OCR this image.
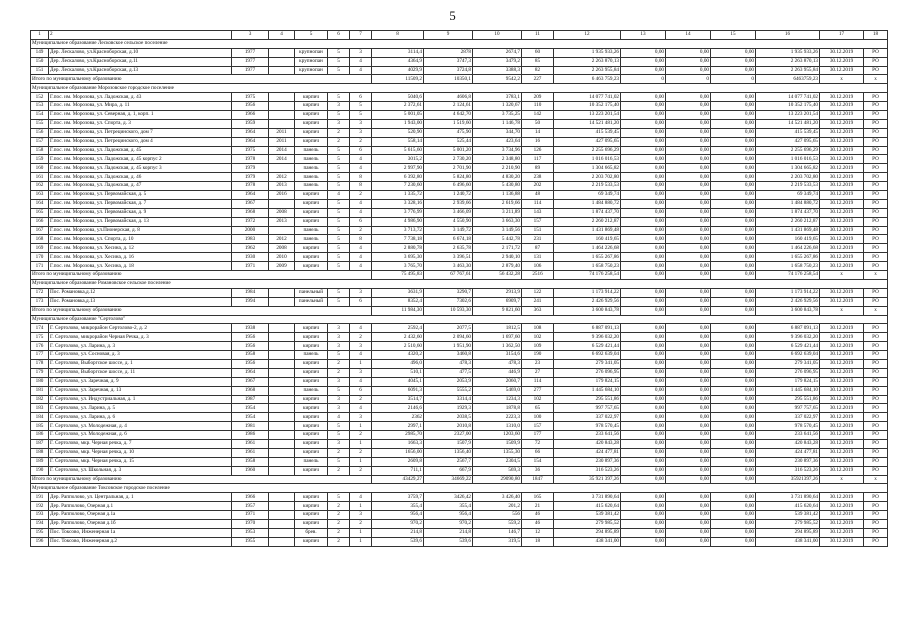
5
1	2	3	4	5	6	7	8	9	10	11	12	13	14	15	16	17	18
Муниципальное образование Лесковское сельское поселение																	
149	Дер. Лескалово, ул.Красноборская, д.10	1977		крупнопан	5	3	3114,4	2878	2674,7	60	1 935 933,26	0,00	0,00	0,00	1 935 933,26	30.12.2019	РО
150	Дер. Лескалово, ул.Красноборская, д.11	1977		крупнопан	5	4	4364,9	3747,3	3479,2	85	2 263 870,13	0,00	0,00	0,00	2 263 870,13	30.12.2019	РО
151	Дер. Лескалово, ул.Красноборская, д.13	1977		крупнопан	5	4	4029,9	3724,8	3388,3	82	2 263 955,84	0,00	0,00	0,00	2 263 955,84	30.12.2019	РО
Итого по муниципальному образованию							11509,2	10350,1	9542,2	227	6 463 759,23	0	0	0	6463759,23	х	х
Муниципальное образование Морозовское городское поселение																	
152	Г.пос. им. Морозова, ул. Ладожская, д. 43	1975		кирпич	5	6	5040,6	4606,8	3783,1	209	14 077 741,02	0,00	0,00	0,00	14 077 741,02	30.12.2019	РО
153	Г.пос. им. Морозова, ул. Мира, д. 11	1956		кирпич	3	5	2 372,61	2 124,61	1 320,67	110	10 352 175,40	0,00	0,00	0,00	10 352 175,40	30.12.2019	РО
154	Г.пос. им. Морозова, ул. Северная, д. 1, корп. 1	1966		кирпич	5	5	5 001,05	4 642,70	3 735,25	142	13 223 201,54	0,00	0,00	0,00	13 223 201,54	30.12.2019	РО
155	Г.пос. им. Морозова, ул. Спорта, д. 3	1959		кирпич	3	3	1 943,00	1 519,60	1 146,78	50	14 521 481,20	0,00	0,00	0,00	14 521 481,20	30.12.2019	РО
156	Г.пос. им. Морозова, ул. Петрецинского, дом 7	1964	2011	кирпич	2	3	520,90	475,90	344,70	14	415 539,45	0,00	0,00	0,00	415 539,45	30.12.2019	РО
157	Г.пос. им. Морозова, ул. Петрецинского, дом 4	1964	2011	кирпич	2	2	558,14	525,44	423,64	16	427 095,65	0,00	0,00	0,00	427 095,65	30.12.2019	РО
158	Г.пос. им. Морозова, ул. Ладожская, д. 45	1975	2014	панель	5	6	5 615,60	5 001,20	3 734,96	126	2 255 696,29	0,00	0,00	0,00	2 255 696,29	30.12.2019	РО
159	Г.пос. им. Морозова, ул. Ладожская, д. 45 корпус 2	1978	2014	панель	5	4	3015,2	2 730,20	2 348,80	117	1 016 016,53	0,00	0,00	0,00	1 016 016,53	30.12.2019	РО
160	Г.пос. им. Морозова, ул. Ладожская, д. 45 корпус 3	1979		панель	5	4	2 997,90	2 701,90	2 210,90	89	1 304 665,82	0,00	0,00	0,00	1 304 665,82	30.12.2019	РО
161	Г.пос. им. Морозова, ул. Ладожская, д. 46	1979	2012	панель	5	8	6 392,80	5 824,80	4 830,20	238	2 203 702,80	0,00	0,00	0,00	2 203 702,80	30.12.2019	РО
162	Г.пос. им. Морозова, ул. Ладожская, д. 47	1978	2013	панель	5	8	7 230,60	6 496,60	5 430,80	202	2 219 533,53	0,00	0,00	0,00	2 219 533,53	30.12.2019	РО
163	Г.пос. им. Морозова, ул. Первомайская, д. 5	1964	2016	кирпич	4	2	1 335,72	1 240,72	1 136,88	48	69 349,74	0,00	0,00	0,00	69 349,74	30.12.2019	РО
164	Г.пос. им. Морозова, ул. Первомайская, д. 7	1967		кирпич	5	4	3 328,16	2 939,66	2 619,66	114	1 484 880,72	0,00	0,00	0,00	1 484 880,72	30.12.2019	РО
165	Г.пос. им. Морозова, ул. Первомайская, д. 9	1968	2008	кирпич	5	4	3 776,99	3 466,09	3 211,89	143	1 874 437,70	0,00	0,00	0,00	1 874 437,70	30.12.2019	РО
166	Г.пос. им. Морозова, ул. Первомайская, д. 13	1972	2013	кирпич	5	6	4 986,90	4 550,90	3 663,30	157	2 260 212,87	0,00	0,00	0,00	2 260 212,87	30.12.2019	РО
167	Г.пос. им. Морозова, ул.Пионерская, д. 8	2000		панель	5	2	3 713,72	3 149,72	3 149,56	151	1 431 869,48	0,00	0,00	0,00	1 431 869,48	30.12.2019	РО
168	Г.пос. им. Морозова, ул. Спорта, д. 10	1983	2012	панель	5	8	7 738,18	6 674,18	5 442,78	231	160 419,65	0,00	0,00	0,00	160 419,65	30.12.2019	РО
169	Г.пос. им. Морозова, ул. Хесина, д. 12	1962	2008	кирпич	5	4	2 880,78	2 635,78	2 171,72	87	1 464 226,68	0,00	0,00	0,00	1 464 226,68	30.12.2019	РО
170	Г.пос. им. Морозова, ул. Хесина, д. 16	1930	2010	кирпич	5	4	3 695,30	3 396,51	2 940,10	131	1 655 267,86	0,00	0,00	0,00	1 655 267,86	30.12.2019	РО
171	Г.пос. им. Морозова, ул. Хесина, д. 18	1971	2009	кирпич	5	4	3 765,70	3 463,30	2 879,40	106	1 658 750,23	0,00	0,00	0,00	1 658 750,23	30.12.2019	РО
Итого по муниципальному образованию							75 495,83	67 767,61	56 432,28	2516	74 176 258,54	0,00	0,00	0,00	74 176 258,54	х	х
Муниципальное образование Романовское сельское поселение																	
172	Пос. Романовка,д.12	1984		панельный	5	3	3631,9	3290,7	2913,9	122	1 173 914,22	0,00	0,00	0,00	1 173 914,22	30.12.2019	РО
173	Пос. Романовка,д.13	1994		панельный	5	6	8352,4	7302,6	6909,7	241	2 426 929,56	0,00	0,00	0,00	2 426 929,56	30.12.2019	РО
Итого по муниципальному образованию							11 984,30	10 593,30	9 821,60	363	3 600 843,78	0,00	0,00	0,00	3 600 843,78	х	х
Муниципальное образование "Сертолово"																	
174	Г. Сертолово, микрорайон Сертолово-2, д. 2	1938		кирпич	3	4	2592,4	2077,5	1812,5	108	6 887 091,13	0,00	0,00	0,00	6 887 091,13	30.12.2019	РО
175	Г. Сертолово, микрорайон Черная Речка, д. 3	1956		кирпич	3	2	2 432,60	2 094,60	1 697,60	102	9 396 032,20	0,00	0,00	0,00	9 396 032,20	30.12.2019	РО
176	Г. Сертолово, ул. Ларина, д. 3	1956		кирпич	3	3	2 510,60	1 951,90	1 362,50	109	6 529 421,44	0,00	0,00	0,00	6 529 421,44	30.12.2019	РО
177	Г. Сертолово, ул. Сосновая, д. 3	1958		панель	5	4	4320,2	3460,8	3154,6	190	6 692 639,04	0,00	0,00	0,00	6 692 639,04	30.12.2019	РО
178	Г. Сертолово, Выборгское шоссе, д. 1	1956		кирпич	2	1	496,0	478,3	478,3	23	279 341,05	0,00	0,00	0,00	279 341,05	30.12.2019	РО
179	Г. Сертолово, Выборгское шоссе, д. 11	1964		кирпич	2	3	510,1	477,5	446,9	27	276 096,95	0,00	0,00	0,00	276 096,95	30.12.2019	РО
180	Г. Сертолово, ул. Заречная, д. 9	1967		кирпич	3	4	4045,1	2053,9	2060,7	114	179 824,15	0,00	0,00	0,00	179 824,15	30.12.2019	РО
181	Г. Сертолово, ул. Заречная, д. 13	1968		панель	5	6	6091,3	5555,2	5469,0	277	1 445 684,10	0,00	0,00	0,00	1 445 684,10	30.12.2019	РО
182	Г. Сертолово, ул. Индустриальная, д. 1	1987		кирпич	3	2	3514,7	3314,4	1234,3	102	295 551,86	0,00	0,00	0,00	295 551,86	30.12.2019	РО
183	Г. Сертолово, ул. Ларина, д. 5	1954		кирпич	3	4	2146,6	1929,3	1878,8	65	997 757,65	0,00	0,00	0,00	997 757,65	30.12.2019	РО
184	Г. Сертолово, ул. Ларина, д. 6	1954		кирпич	4	3	2362	2038,5	2223,3	100	337 022,97	0,00	0,00	0,00	337 022,97	30.12.2019	РО
185	Г. Сертолово, ул. Молодежная, д. 4	1981		кирпич	5	1	2997,1	2010,8	1310,0	157	978 570,45	0,00	0,00	0,00	978 570,45	30.12.2019	РО
186	Г. Сертолово, ул. Молодежная, д. 6	1986		кирпич	5	2	2985,70	2327,00	1203,60	177	233 641,56	0,00	0,00	0,00	233 641,56	30.12.2019	РО
187	Г. Сертолово, мкр. Черная речка, д. 7	1961		кирпич	3	1	1663,3	1507,9	1509,9	72	420 843,28	0,00	0,00	0,00	420 843,28	30.12.2019	РО
188	Г. Сертолово, мкр. Черная речка, д. 10	1961		кирпич	2	2	1656,00	1356,40	1355,30	66	424 477,81	0,00	0,00	0,00	424 477,81	30.12.2019	РО
189	Г. Сертолово, мкр. Черная речка, д. 15	1958		панель	5	1	2609,8	2567,7	2304,5	154	230 897,36	0,00	0,00	0,00	230 897,36	30.12.2019	РО
190	Г. Сертолово, ул. Школьная, д. 3	1960		кирпич	2	2	711,1	667,9	569,3	36	316 523,26	0,00	0,00	0,00	316 523,26	30.12.2019	РО
Итого по муниципальному образованию							43429,27	34669,22	29090,80	1847	35 921 397,26	0,00	0,00	0,00	35921397,26	х	х
Муниципальное образование Токсовское городское поселение																	
191	Дер. Рапполово, ул. Центральная, д. 1	1966		кирпич	5	4	3759,7	3426,42	3 426,40	165	3 731 890,64	0,00	0,00	0,00	3 731 890,64	30.12.2019	РО
192	Дер. Рапполово, Озерная д.1	1957		кирпич	2	1	355,4	355,4	201,2	21	415 620,64	0,00	0,00	0,00	415 620,64	30.12.2019	РО
193	Дер. Рапполово, Озерная д.1а	1971		кирпич	2	3	956,4	956,4	556	46	539 381,42	0,00	0,00	0,00	539 381,42	30.12.2019	РО
194	Дер. Рапполово, Озерная д.1б	1970		кирпич	2	2	970,2	970,2	559,2	46	279 985,52	0,00	0,00	0,00	279 985,52	30.12.2019	РО
195	Пос. Токсово, Инженерная 1а	1953		брев.	2	1	214,8	214,8	146,7	12	294 895,89	0,00	0,00	0,00	294 895,89	30.12.2019	РО
196	Пос. Токсово, Инженерная д.2	1955		кирпич	2	1	539,6	539,6	319,5	18	438 341,00	0,00	0,00	0,00	438 341,00	30.12.2019	РО
